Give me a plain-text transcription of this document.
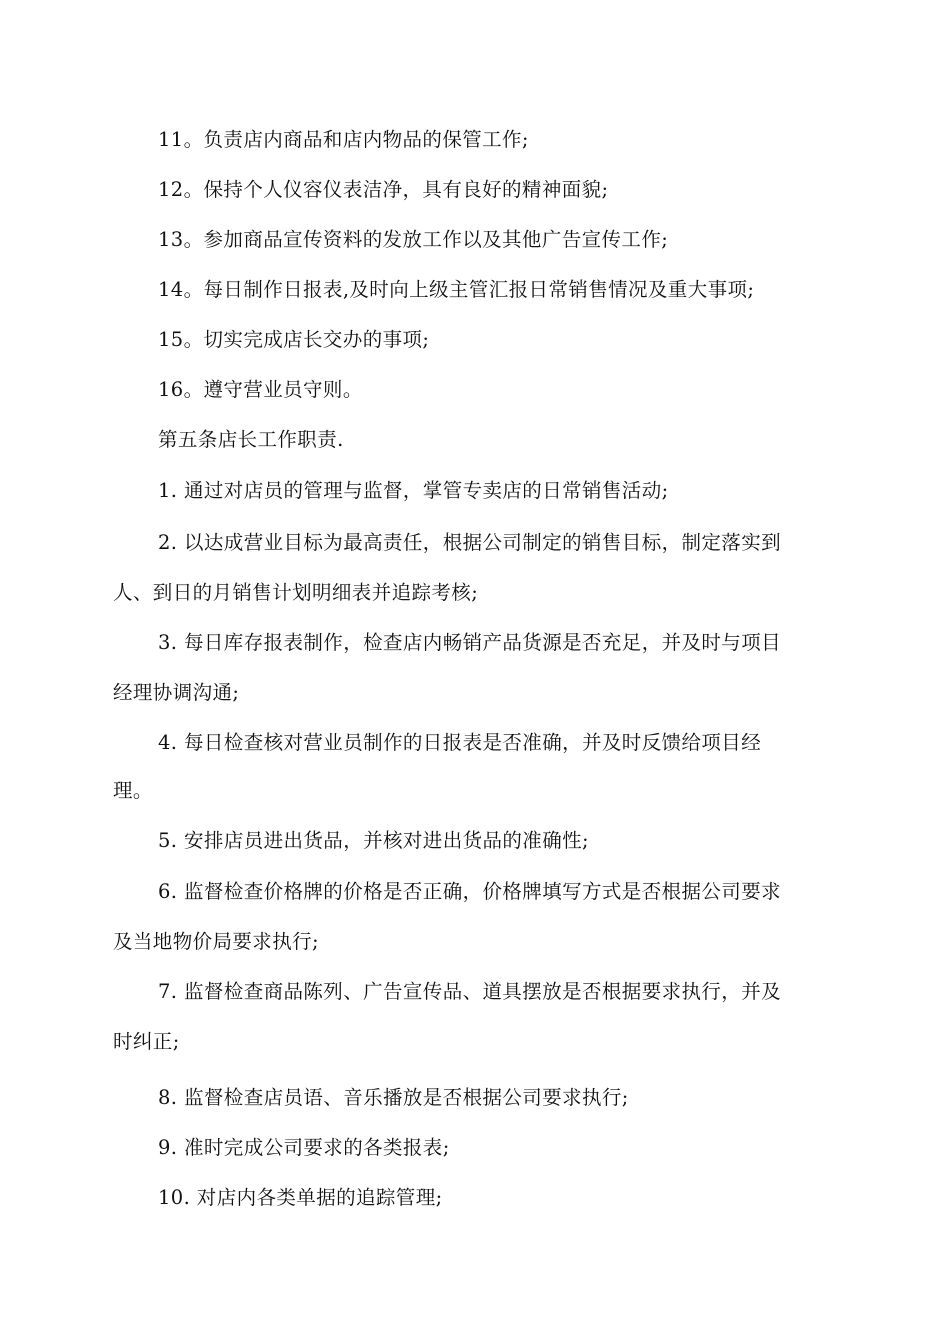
11。负责店内商品和店内物品的保管工作;
12。保持个人仪容仪表洁净，具有良好的精神面貌;
13。参加商品宣传资料的发放工作以及其他广告宣传工作;
14。每日制作日报表,及时向上级主管汇报日常销售情况及重大事项;
15。切实完成店长交办的事项;
16。遵守营业员守则。
第五条店长工作职责.
1. 通过对店员的管理与监督，掌管专卖店的日常销售活动;
2. 以达成营业目标为最高责任，根据公司制定的销售目标，制定落实到
人、到日的月销售计划明细表并追踪考核;
3. 每日库存报表制作，检查店内畅销产品货源是否充足，并及时与项目
经理协调沟通;
4. 每日检查核对营业员制作的日报表是否准确，并及时反馈给项目经
理。
5. 安排店员进出货品，并核对进出货品的准确性;
6. 监督检查价格牌的价格是否正确，价格牌填写方式是否根据公司要求
及当地物价局要求执行;
7. 监督检查商品陈列、广告宣传品、道具摆放是否根据要求执行，并及
时纠正;
8. 监督检查店员语、音乐播放是否根据公司要求执行;
9. 准时完成公司要求的各类报表;
10. 对店内各类单据的追踪管理;
